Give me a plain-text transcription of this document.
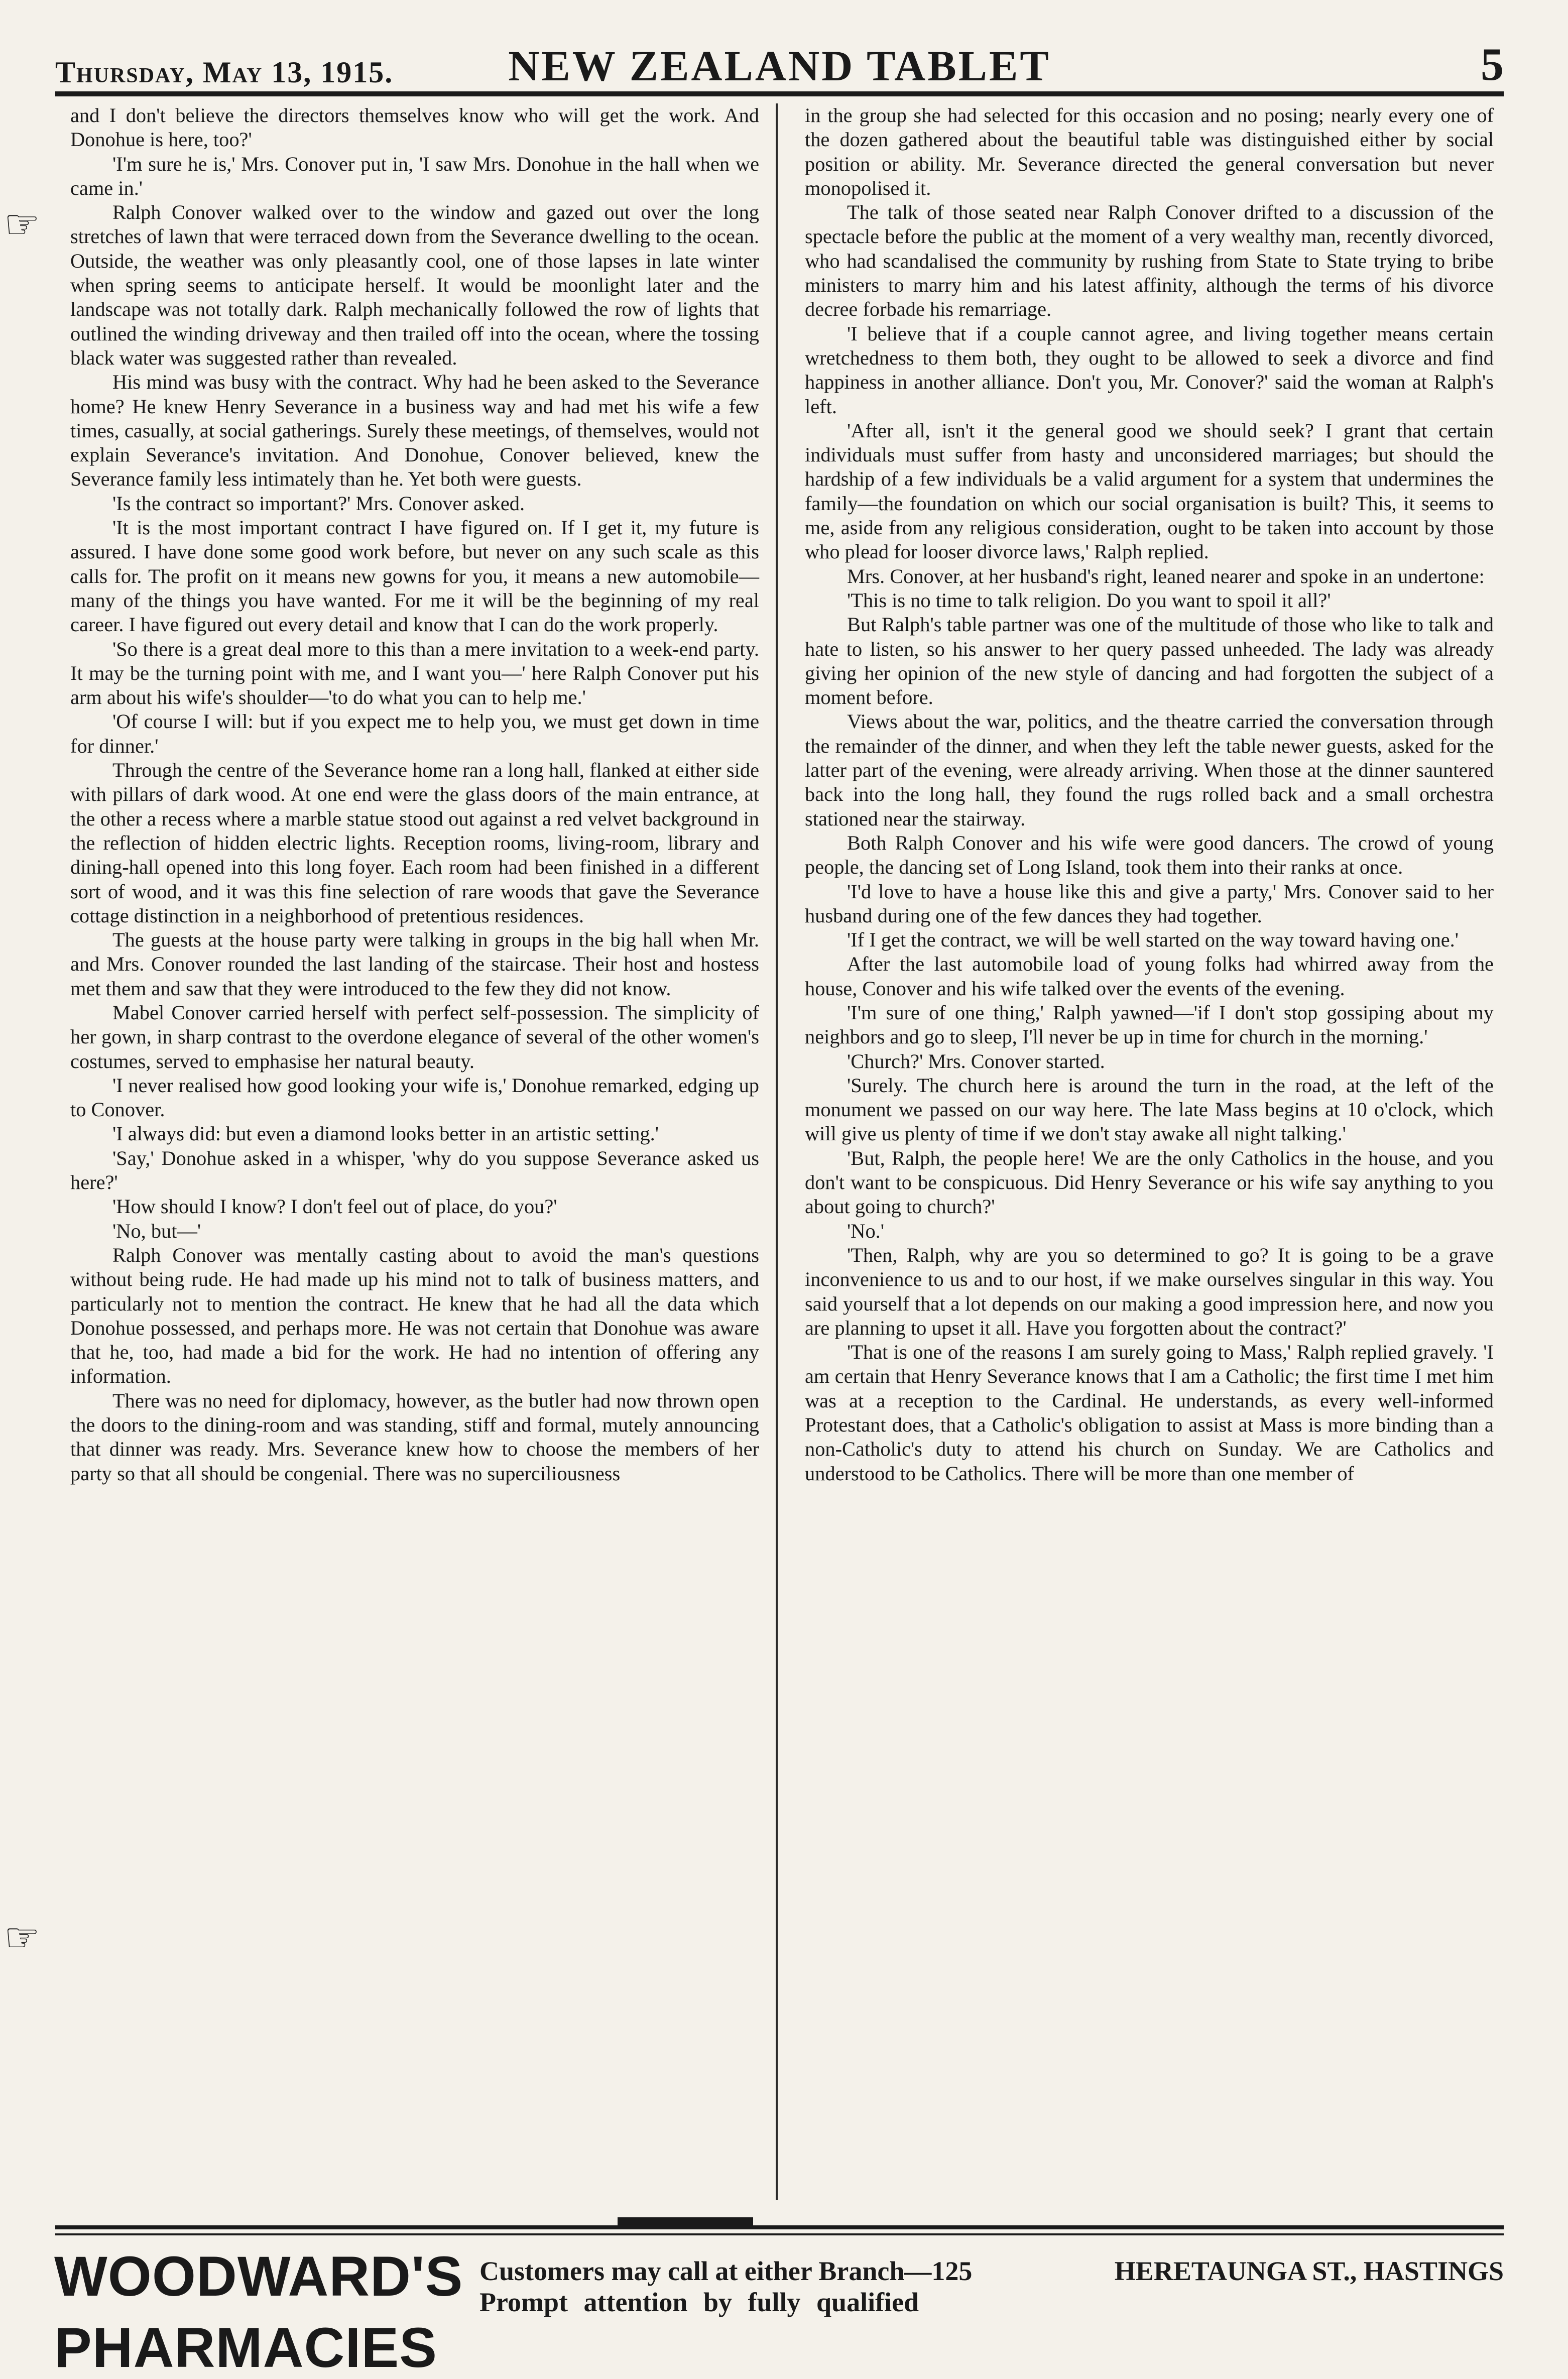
Thursday, May 13, 1915.	NEW ZEALAND TABLET	5

and I don't believe the directors themselves know who will get the work. And Donohue is here, too?'

'I'm sure he is,' Mrs. Conover put in, 'I saw Mrs. Donohue in the hall when we came in.'

Ralph Conover walked over to the window and gazed out over the long stretches of lawn that were terraced down from the Severance dwelling to the ocean. Outside, the weather was only pleasantly cool, one of those lapses in late winter when spring seems to anticipate herself. It would be moonlight later and the landscape was not totally dark. Ralph mechanically followed the row of lights that outlined the winding driveway and then trailed off into the ocean, where the tossing black water was suggested rather than revealed.

His mind was busy with the contract. Why had he been asked to the Severance home? He knew Henry Severance in a business way and had met his wife a few times, casually, at social gatherings. Surely these meetings, of themselves, would not explain Severance's invitation. And Donohue, Conover believed, knew the Severance family less intimately than he. Yet both were guests.

'Is the contract so important?' Mrs. Conover asked.

'It is the most important contract I have figured on. If I get it, my future is assured. I have done some good work before, but never on any such scale as this calls for. The profit on it means new gowns for you, it means a new automobile—many of the things you have wanted. For me it will be the beginning of my real career. I have figured out every detail and know that I can do the work properly.

'So there is a great deal more to this than a mere invitation to a week-end party. It may be the turning point with me, and I want you—' here Ralph Conover put his arm about his wife's shoulder—'to do what you can to help me.'

'Of course I will: but if you expect me to help you, we must get down in time for dinner.'

Through the centre of the Severance home ran a long hall, flanked at either side with pillars of dark wood. At one end were the glass doors of the main entrance, at the other a recess where a marble statue stood out against a red velvet background in the reflection of hidden electric lights. Reception rooms, living-room, library and dining-hall opened into this long foyer. Each room had been finished in a different sort of wood, and it was this fine selection of rare woods that gave the Severance cottage distinction in a neighborhood of pretentious residences.

The guests at the house party were talking in groups in the big hall when Mr. and Mrs. Conover rounded the last landing of the staircase. Their host and hostess met them and saw that they were introduced to the few they did not know.

Mabel Conover carried herself with perfect self-possession. The simplicity of her gown, in sharp contrast to the overdone elegance of several of the other women's costumes, served to emphasise her natural beauty.

'I never realised how good looking your wife is,' Donohue remarked, edging up to Conover.

'I always did: but even a diamond looks better in an artistic setting.'

'Say,' Donohue asked in a whisper, 'why do you suppose Severance asked us here?'

'How should I know? I don't feel out of place, do you?'

'No, but—'

Ralph Conover was mentally casting about to avoid the man's questions without being rude. He had made up his mind not to talk of business matters, and particularly not to mention the contract. He knew that he had all the data which Donohue possessed, and perhaps more. He was not certain that Donohue was aware that he, too, had made a bid for the work. He had no intention of offering any information.

There was no need for diplomacy, however, as the butler had now thrown open the doors to the dining-room and was standing, stiff and formal, mutely announcing that dinner was ready. Mrs. Severance knew how to choose the members of her party so that all should be congenial. There was no superciliousness

in the group she had selected for this occasion and no posing; nearly every one of the dozen gathered about the beautiful table was distinguished either by social position or ability. Mr. Severance directed the general conversation but never monopolised it.

The talk of those seated near Ralph Conover drifted to a discussion of the spectacle before the public at the moment of a very wealthy man, recently divorced, who had scandalised the community by rushing from State to State trying to bribe ministers to marry him and his latest affinity, although the terms of his divorce decree forbade his remarriage.

'I believe that if a couple cannot agree, and living together means certain wretchedness to them both, they ought to be allowed to seek a divorce and find happiness in another alliance. Don't you, Mr. Conover?' said the woman at Ralph's left.

'After all, isn't it the general good we should seek? I grant that certain individuals must suffer from hasty and unconsidered marriages; but should the hardship of a few individuals be a valid argument for a system that undermines the family—the foundation on which our social organisation is built? This, it seems to me, aside from any religious consideration, ought to be taken into account by those who plead for looser divorce laws,' Ralph replied.

Mrs. Conover, at her husband's right, leaned nearer and spoke in an undertone:

'This is no time to talk religion. Do you want to spoil it all?'

But Ralph's table partner was one of the multitude of those who like to talk and hate to listen, so his answer to her query passed unheeded. The lady was already giving her opinion of the new style of dancing and had forgotten the subject of a moment before.

Views about the war, politics, and the theatre carried the conversation through the remainder of the dinner, and when they left the table newer guests, asked for the latter part of the evening, were already arriving. When those at the dinner sauntered back into the long hall, they found the rugs rolled back and a small orchestra stationed near the stairway.

Both Ralph Conover and his wife were good dancers. The crowd of young people, the dancing set of Long Island, took them into their ranks at once.

'I'd love to have a house like this and give a party,' Mrs. Conover said to her husband during one of the few dances they had together.

'If I get the contract, we will be well started on the way toward having one.'

After the last automobile load of young folks had whirred away from the house, Conover and his wife talked over the events of the evening.

'I'm sure of one thing,' Ralph yawned—'if I don't stop gossiping about my neighbors and go to sleep, I'll never be up in time for church in the morning.'

'Church?' Mrs. Conover started.

'Surely. The church here is around the turn in the road, at the left of the monument we passed on our way here. The late Mass begins at 10 o'clock, which will give us plenty of time if we don't stay awake all night talking.'

'But, Ralph, the people here! We are the only Catholics in the house, and you don't want to be conspicuous. Did Henry Severance or his wife say anything to you about going to church?'

'No.'

'Then, Ralph, why are you so determined to go? It is going to be a grave inconvenience to us and to our host, if we make ourselves singular in this way. You said yourself that a lot depends on our making a good impression here, and now you are planning to upset it all. Have you forgotten about the contract?'

'That is one of the reasons I am surely going to Mass,' Ralph replied gravely. 'I am certain that Henry Severance knows that I am a Catholic; the first time I met him was at a reception to the Cardinal. He understands, as every well-informed Protestant does, that a Catholic's obligation to assist at Mass is more binding than a non-Catholic's duty to attend his church on Sunday. We are Catholics and understood to be Catholics. There will be more than one member of

☞
☞
WOODWARD'S
PHARMACIES
Customers may call at either Branch—125	HERETAUNGA ST., HASTINGS
Prompt attention by fully qualified
